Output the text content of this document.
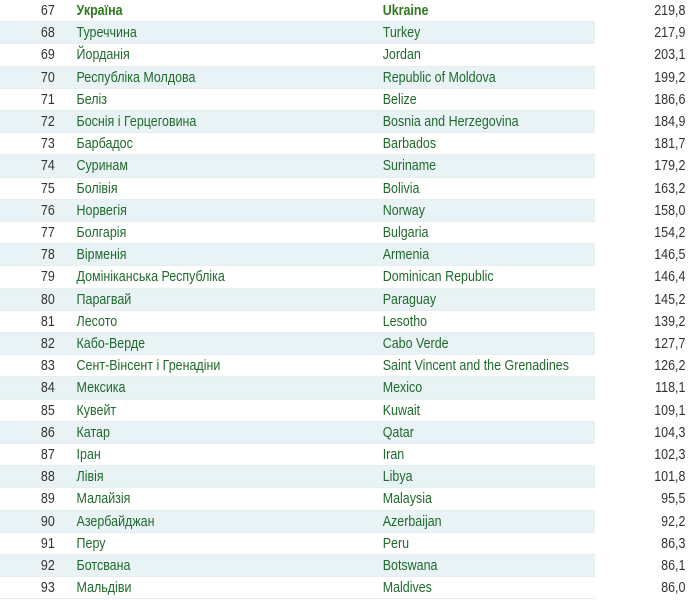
67 Україна	Ukraine	219,8
68 Туреччина	Turkey	217,9
69 Йорданія	Jordan	203,1
70 Республіка Молдова	Republic of Moldova	199,2
71 Беліз	Belize	186,6
72 Боснія і Герцеговина	Bosnia and Herzegovina	184,9
73 Барбадос	Barbados	181,7
74 Суринам	Suriname	179,2
75 Болівія	Bolivia	163,2
76 Норвегія	Norway	158,0
77 Болгарія	Bulgaria	154,2
78 Вірменія	Armenia	146,5
79 Домініканська Республіка	Dominican Republic	146,4
80 Парагвай	Paraguay	145,2
81 Лесото	Lesotho	139,2
82 Кабо-Верде	Cabo Verde	127,7
83 Сент-Вінсент і Гренадіни	Saint Vincent and the Grenadines	126,2
84 Мексика	Mexico	118,1
85 Кувейт	Kuwait	109,1
86 Катар	Qatar	104,3
87 Іран	Iran	102,3
88 Лівія	Libya	101,8
89 Малайзія	Malaysia	95,5
90 Азербайджан	Azerbaijan	92,2
91 Перу	Peru	86,3
92 Ботсвана	Botswana	86,1
93 Мальдіви	Maldives	86,0
